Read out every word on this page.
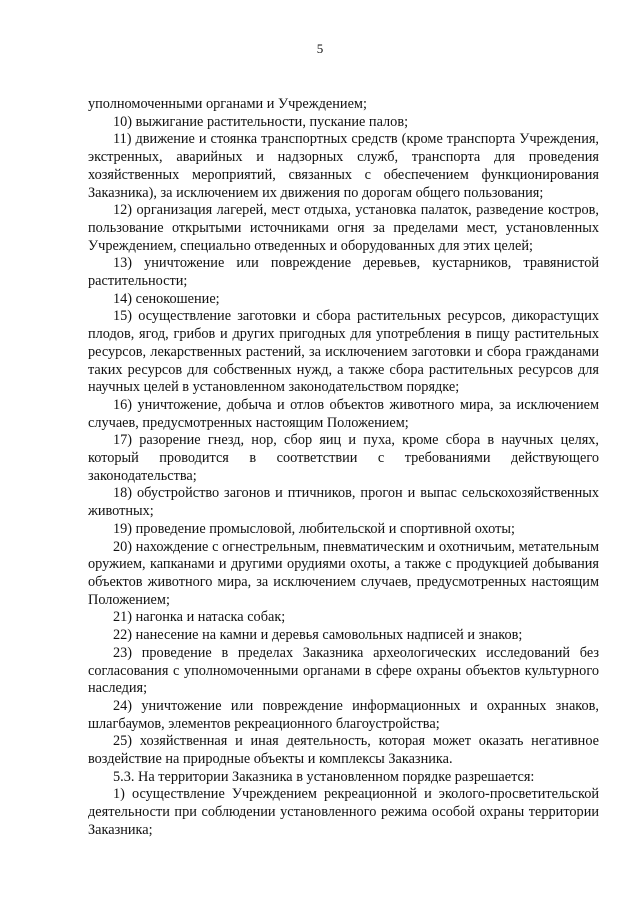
5

уполномоченными органами и Учреждением;

10) выжигание растительности, пускание палов;

11) движение и стоянка транспортных средств (кроме транспорта Учреждения, экстренных, аварийных и надзорных служб, транспорта для проведения хозяйственных мероприятий, связанных с обеспечением функционирования Заказника), за исключением их движения по дорогам общего пользования;

12) организация лагерей, мест отдыха, установка палаток, разведение костров, пользование открытыми источниками огня за пределами мест, установленных Учреждением, специально отведенных и оборудованных для этих целей;

13) уничтожение или повреждение деревьев, кустарников, травянистой растительности;

14) сенокошение;

15) осуществление заготовки и сбора растительных ресурсов, дикорастущих плодов, ягод, грибов и других пригодных для употребления в пищу растительных ресурсов, лекарственных растений, за исключением заготовки и сбора гражданами таких ресурсов для собственных нужд, а также сбора растительных ресурсов для научных целей в установленном законодательством порядке;

16) уничтожение, добыча и отлов объектов животного мира, за исключением случаев, предусмотренных настоящим Положением;

17) разорение гнезд, нор, сбор яиц и пуха, кроме сбора в научных целях, который проводится в соответствии с требованиями действующего законодательства;

18) обустройство загонов и птичников, прогон и выпас сельскохозяйственных животных;

19) проведение промысловой, любительской и спортивной охоты;

20) нахождение с огнестрельным, пневматическим и охотничьим, метательным оружием, капканами и другими орудиями охоты, а также с продукцией добывания объектов животного мира, за исключением случаев, предусмотренных настоящим Положением;

21) нагонка и натаска собак;

22) нанесение на камни и деревья самовольных надписей и знаков;

23) проведение в пределах Заказника археологических исследований без согласования с уполномоченными органами в сфере охраны объектов культурного наследия;

24) уничтожение или повреждение информационных и охранных знаков, шлагбаумов, элементов рекреационного благоустройства;

25) хозяйственная и иная деятельность, которая может оказать негативное воздействие на природные объекты и комплексы Заказника.

5.3. На территории Заказника в установленном порядке разрешается:

1) осуществление Учреждением рекреационной и эколого-просветительской деятельности при соблюдении установленного режима особой охраны территории Заказника;
